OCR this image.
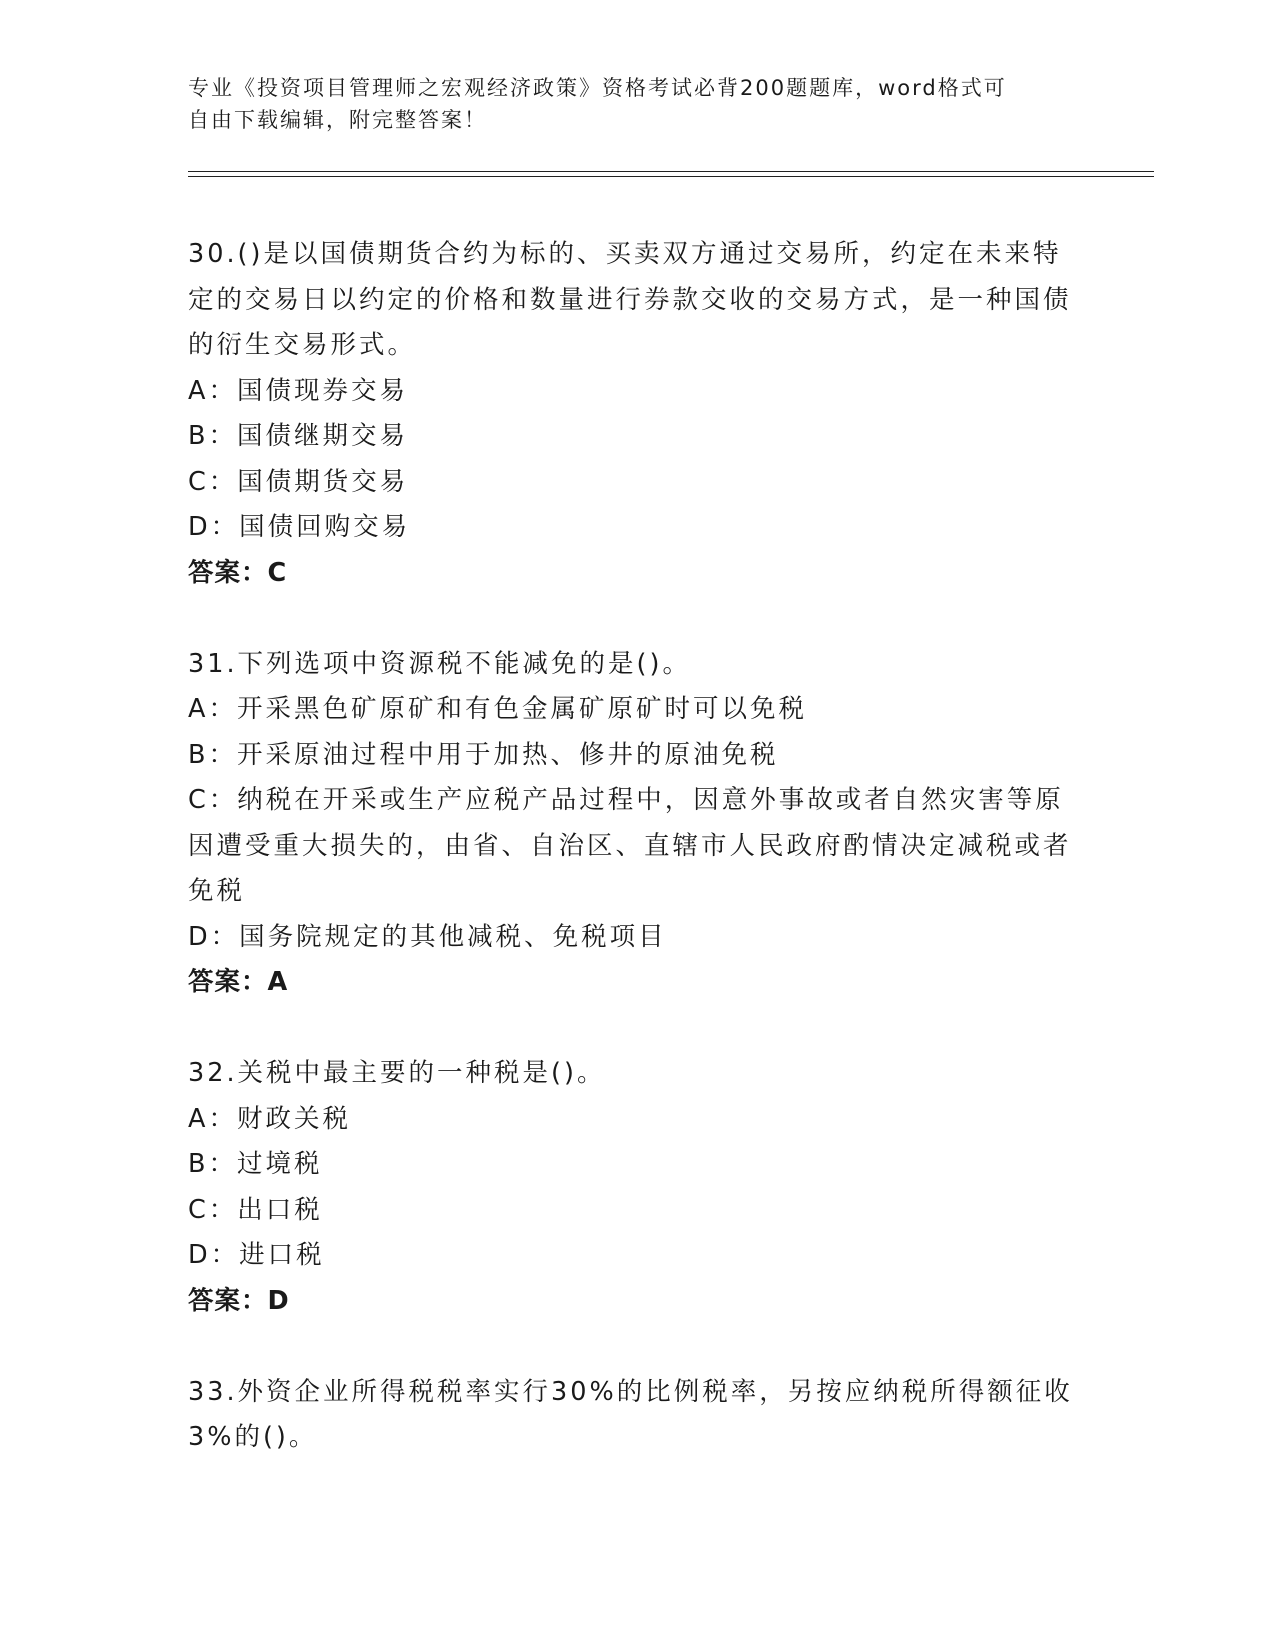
专业《投资项目管理师之宏观经济政策》资格考试必背200题题库，word格式可
自由下载编辑，附完整答案！

30.()是以国债期货合约为标的、买卖双方通过交易所，约定在未来特定的交易日以约定的价格和数量进行券款交收的交易方式，是一种国债的衍生交易形式。

A：国债现券交易

B：国债继期交易

C：国债期货交易

D：国债回购交易

答案：C

31.下列选项中资源税不能减免的是()。

A：开采黑色矿原矿和有色金属矿原矿时可以免税

B：开采原油过程中用于加热、修井的原油免税

C：纳税在开采或生产应税产品过程中，因意外事故或者自然灾害等原因遭受重大损失的，由省、自治区、直辖市人民政府酌情决定减税或者免税

D：国务院规定的其他减税、免税项目

答案：A

32.关税中最主要的一种税是()。

A：财政关税

B：过境税

C：出口税

D：进口税

答案：D

33.外资企业所得税税率实行30%的比例税率，另按应纳税所得额征收3%的()。
